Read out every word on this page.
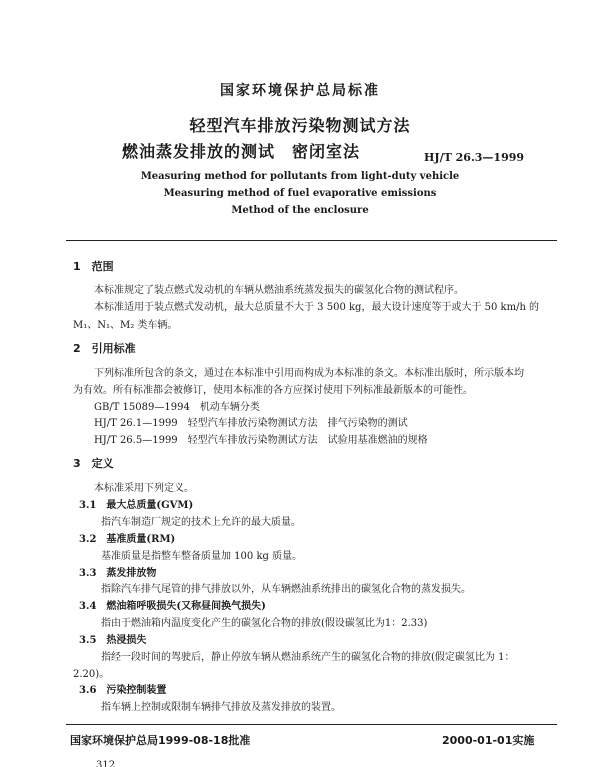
国家环境保护总局标准
轻型汽车排放污染物测试方法
燃油蒸发排放的测试　密闭室法	HJ/T 26.3—1999
Measuring method for pollutants from light-duty vehicle
Measuring method of fuel evaporative emissions
Method of the enclosure
1　范围
本标准规定了装点燃式发动机的车辆从燃油系统蒸发损失的碳氢化合物的测试程序。
本标准适用于装点燃式发动机，最大总质量不大于 3 500 kg，最大设计速度等于或大于 50 km/h 的
M₁、N₁、M₂ 类车辆。
2　引用标准
下列标准所包含的条文，通过在本标准中引用而构成为本标准的条文。本标准出版时，所示版本均
为有效。所有标准都会被修订，使用本标准的各方应探讨使用下列标准最新版本的可能性。
GB/T 15089—1994　机动车辆分类
HJ/T 26.1—1999　轻型汽车排放污染物测试方法　排气污染物的测试
HJ/T 26.5—1999　轻型汽车排放污染物测试方法　试验用基准燃油的规格
3　定义
本标准采用下列定义。
3.1　最大总质量(GVM)
指汽车制造厂规定的技术上允许的最大质量。
3.2　基准质量(RM)
基准质量是指整车整备质量加 100 kg 质量。
3.3　蒸发排放物
指除汽车排气尾管的排气排放以外，从车辆燃油系统排出的碳氢化合物的蒸发损失。
3.4　燃油箱呼吸损失(又称昼间换气损失)
指由于燃油箱内温度变化产生的碳氢化合物的排放(假设碳氢比为1：2.33)
3.5　热浸损失
指经一段时间的驾驶后，静止停放车辆从燃油系统产生的碳氢化合物的排放(假定碳氢比为 1：
2.20)。
3.6　污染控制装置
指车辆上控制或限制车辆排气排放及蒸发排放的装置。
国家环境保护总局1999-08-18批准	2000-01-01实施
312
